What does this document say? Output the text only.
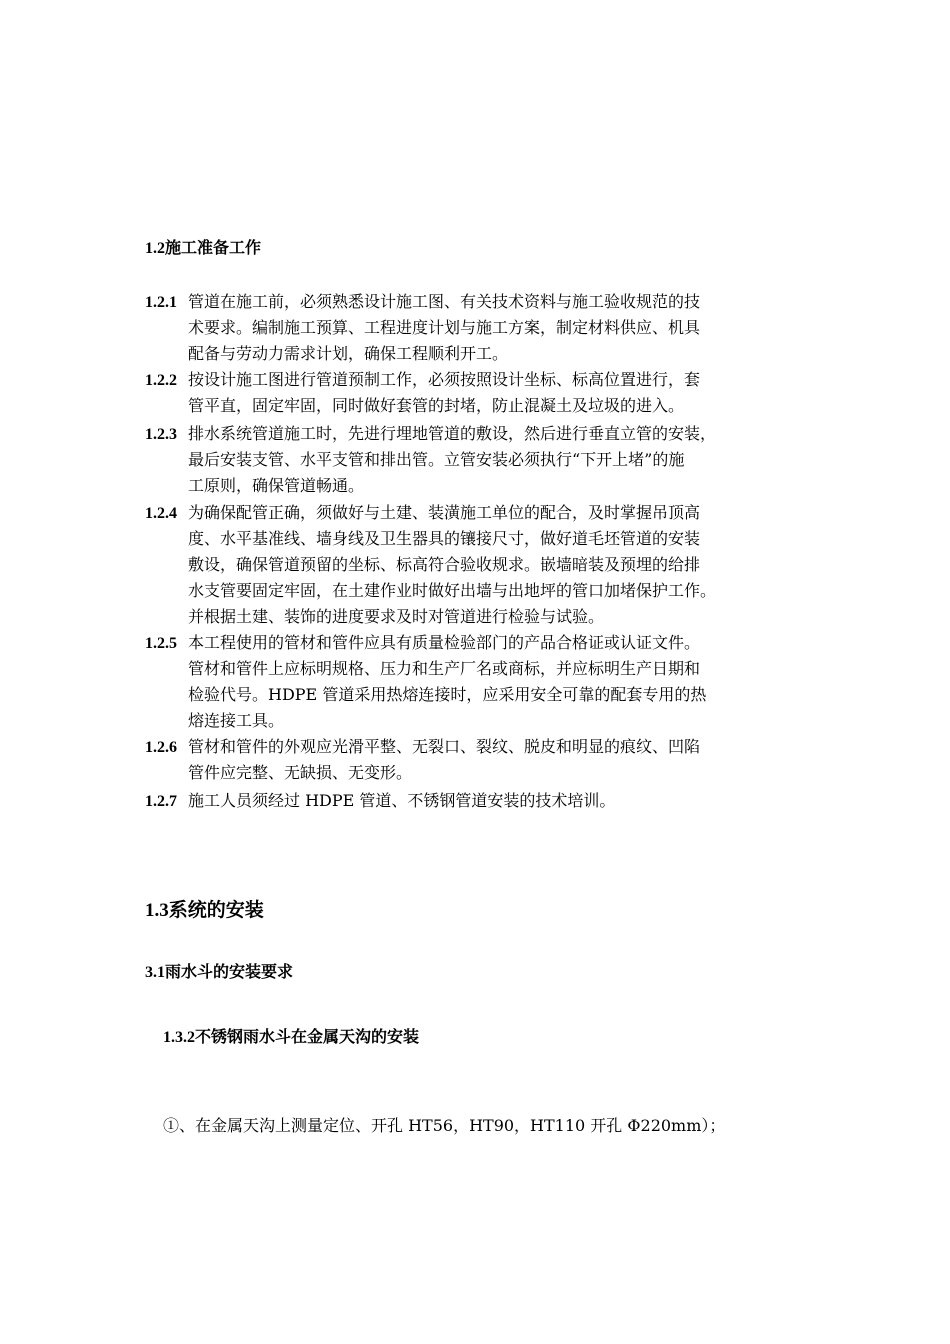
1.2施工准备工作
1.2.1 管道在施工前，必须熟悉设计施工图、有关技术资料与施工验收规范的技
术要求。编制施工预算、工程进度计划与施工方案，制定材料供应、机具
配备与劳动力需求计划，确保工程顺利开工。
1.2.2 按设计施工图进行管道预制工作，必须按照设计坐标、标高位置进行，套
管平直，固定牢固，同时做好套管的封堵，防止混凝土及垃圾的进入。
1.2.3 排水系统管道施工时，先进行埋地管道的敷设，然后进行垂直立管的安装，
最后安装支管、水平支管和排出管。立管安装必须执行“下开上堵”的施
工原则，确保管道畅通。
1.2.4 为确保配管正确，须做好与土建、装潢施工单位的配合，及时掌握吊顶高
度、水平基准线、墙身线及卫生器具的镶接尺寸，做好道毛坯管道的安装
敷设，确保管道预留的坐标、标高符合验收规求。嵌墙暗装及预埋的给排
水支管要固定牢固，在土建作业时做好出墙与出地坪的管口加堵保护工作。
并根据土建、装饰的进度要求及时对管道进行检验与试验。
1.2.5 本工程使用的管材和管件应具有质量检验部门的产品合格证或认证文件。
管材和管件上应标明规格、压力和生产厂名或商标，并应标明生产日期和
检验代号。HDPE 管道采用热熔连接时，应采用安全可靠的配套专用的热
熔连接工具。
1.2.6 管材和管件的外观应光滑平整、无裂口、裂纹、脱皮和明显的痕纹、凹陷
管件应完整、无缺损、无变形。
1.2.7 施工人员须经过 HDPE 管道、不锈钢管道安装的技术培训。
1.3系统的安装
3.1雨水斗的安装要求
1.3.2不锈钢雨水斗在金属天沟的安装
①、在金属天沟上测量定位、开孔 HT56，HT90，HT110 开孔 Φ220mm）；
